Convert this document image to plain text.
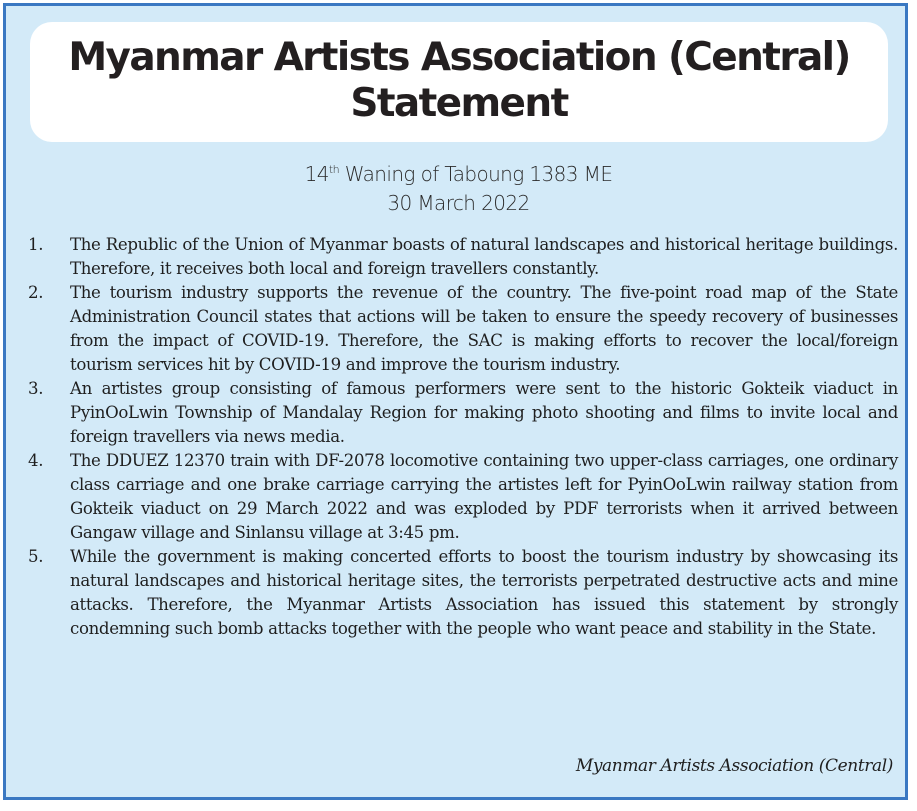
Myanmar Artists Association (Central)
Statement
14th Waning of Taboung 1383 ME
30 March 2022
1.	The Republic of the Union of Myanmar boasts of natural landscapes and historical heritage buildings. Therefore, it receives both local and foreign travellers constantly.
2.	The tourism industry supports the revenue of the country. The five-point road map of the State Administration Council states that actions will be taken to ensure the speedy recovery of businesses from the impact of COVID-19. Therefore, the SAC is making efforts to recover the local/foreign tourism services hit by COVID-19 and improve the tourism industry.
3.	An artistes group consisting of famous performers were sent to the historic Gokteik viaduct in PyinOoLwin Township of Mandalay Region for making photo shooting and films to invite local and foreign travellers via news media.
4.	The DDUEZ 12370 train with DF-2078 locomotive containing two upper-class carriages, one ordinary class carriage and one brake carriage carrying the artistes left for PyinOoLwin railway station from Gokteik viaduct on 29 March 2022 and was exploded by PDF terrorists when it arrived between Gangaw village and Sinlansu village at 3:45 pm.
5.	While the government is making concerted efforts to boost the tourism industry by showcasing its natural landscapes and historical heritage sites, the terrorists perpetrated destructive acts and mine attacks. Therefore, the Myanmar Artists Association has issued this statement by strongly condemning such bomb attacks together with the people who want peace and stability in the State.
Myanmar Artists Association (Central)
